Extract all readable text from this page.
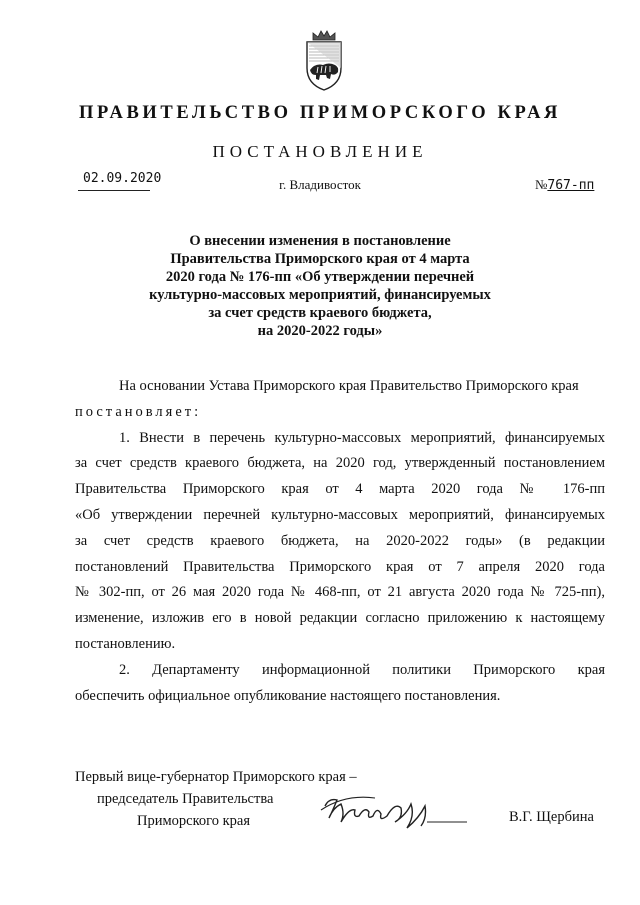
ПРАВИТЕЛЬСТВО ПРИМОРСКОГО КРАЯ
ПОСТАНОВЛЕНИЕ
02.09.2020	г. Владивосток	№767-пп
О внесении изменения в постановление
Правительства Приморского края от 4 марта
2020 года № 176-пп «Об утверждении перечней
культурно-массовых мероприятий, финансируемых
за счет средств краевого бюджета,
на 2020-2022 годы»
На основании Устава Приморского края Правительство Приморского края
постановляет:
1. Внести в перечень культурно-массовых мероприятий, финансируемых
за счет средств краевого бюджета, на 2020 год, утвержденный постановлением
Правительства Приморского края от 4 марта 2020 года № 176-пп
«Об утверждении перечней культурно-массовых мероприятий, финансируемых
за счет средств краевого бюджета, на 2020-2022 годы» (в редакции
постановлений Правительства Приморского края от 7 апреля 2020 года
№ 302-пп, от 26 мая 2020 года № 468-пп, от 21 августа 2020 года № 725-пп),
изменение, изложив его в новой редакции согласно приложению к настоящему
постановлению.
2. Департаменту информационной политики Приморского края
обеспечить официальное опубликование настоящего постановления.
Первый вице-губернатор Приморского края –
председатель Правительства
Приморского края	В.Г. Щербина
